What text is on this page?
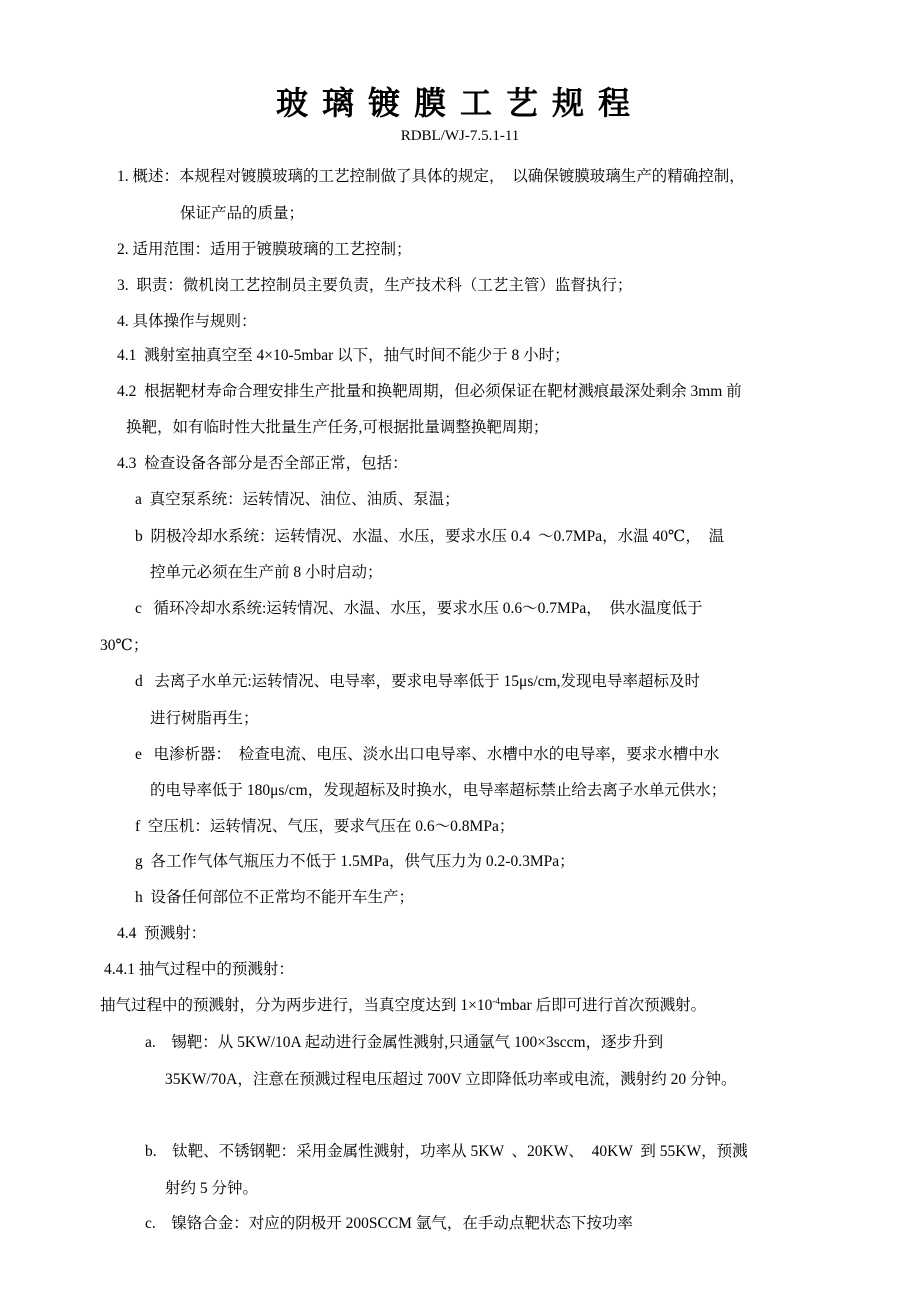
玻璃镀膜工艺规程
RDBL/WJ-7.5.1-11
1. 概述：本规程对镀膜玻璃的工艺控制做了具体的规定，  以确保镀膜玻璃生产的精确控制，
保证产品的质量；
2. 适用范围：适用于镀膜玻璃的工艺控制；
3.  职责：微机岗工艺控制员主要负责，生产技术科（工艺主管）监督执行；
4. 具体操作与规则：
4.1  溅射室抽真空至 4×10-5mbar 以下，抽气时间不能少于 8 小时；
4.2  根据靶材寿命合理安排生产批量和换靶周期，但必须保证在靶材溅痕最深处剩余 3mm 前
换靶，如有临时性大批量生产任务,可根据批量调整换靶周期；
4.3  检查设备各部分是否全部正常，包括：
a  真空泵系统：运转情况、油位、油质、泵温；
b  阴极冷却水系统：运转情况、水温、水压，要求水压 0.4  ～0.7MPa，水温 40℃，  温
控单元必须在生产前 8 小时启动；
c   循环冷却水系统:运转情况、水温、水压，要求水压 0.6～0.7MPa，  供水温度低于
30℃；
d   去离子水单元:运转情况、电导率，要求电导率低于 15μs/cm,发现电导率超标及时
进行树脂再生；
e   电渗析器：  检查电流、电压、淡水出口电导率、水槽中水的电导率，要求水槽中水
的电导率低于 180μs/cm，发现超标及时换水，电导率超标禁止给去离子水单元供水；
f  空压机：运转情况、气压，要求气压在 0.6～0.8MPa；
g  各工作气体气瓶压力不低于 1.5MPa，供气压力为 0.2-0.3MPa；
h  设备任何部位不正常均不能开车生产；
4.4  预溅射：
4.4.1 抽气过程中的预溅射：
抽气过程中的预溅射，分为两步进行，当真空度达到 $1\times 10^{-4}mbar$ 后即可进行首次预溅射。
a.    锡靶：从 5KW/10A 起动进行金属性溅射,只通氩气 100×3sccm，逐步升到
35KW/70A，注意在预溅过程电压超过 700V 立即降低功率或电流，溅射约 20 分钟。
b.    钛靶、不锈钢靶：采用金属性溅射，功率从 5KW  、20KW、  40KW  到 55KW，预溅
射约 5 分钟。
c.    镍铬合金：对应的阴极开 200SCCM 氩气，在手动点靶状态下按功率
